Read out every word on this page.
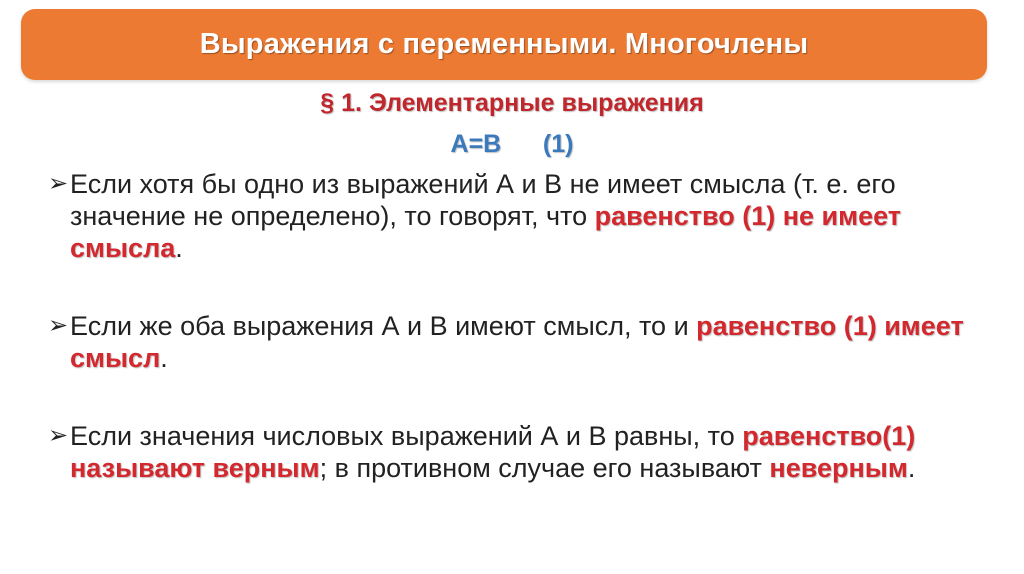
Выражения с переменными. Многочлены
§ 1. Элементарные выражения
A=B      (1)
➢ Если хотя бы одно из выражений А и В не имеет смысла (т. е. его значение не определено), то говорят, что равенство (1) не имеет смысла.
➢ Если же оба выражения А и В имеют смысл, то и равенство (1) имеет смысл.
➢ Если значения числовых выражений А и В равны, то равенство(1) называют верным; в противном случае его называют неверным.
